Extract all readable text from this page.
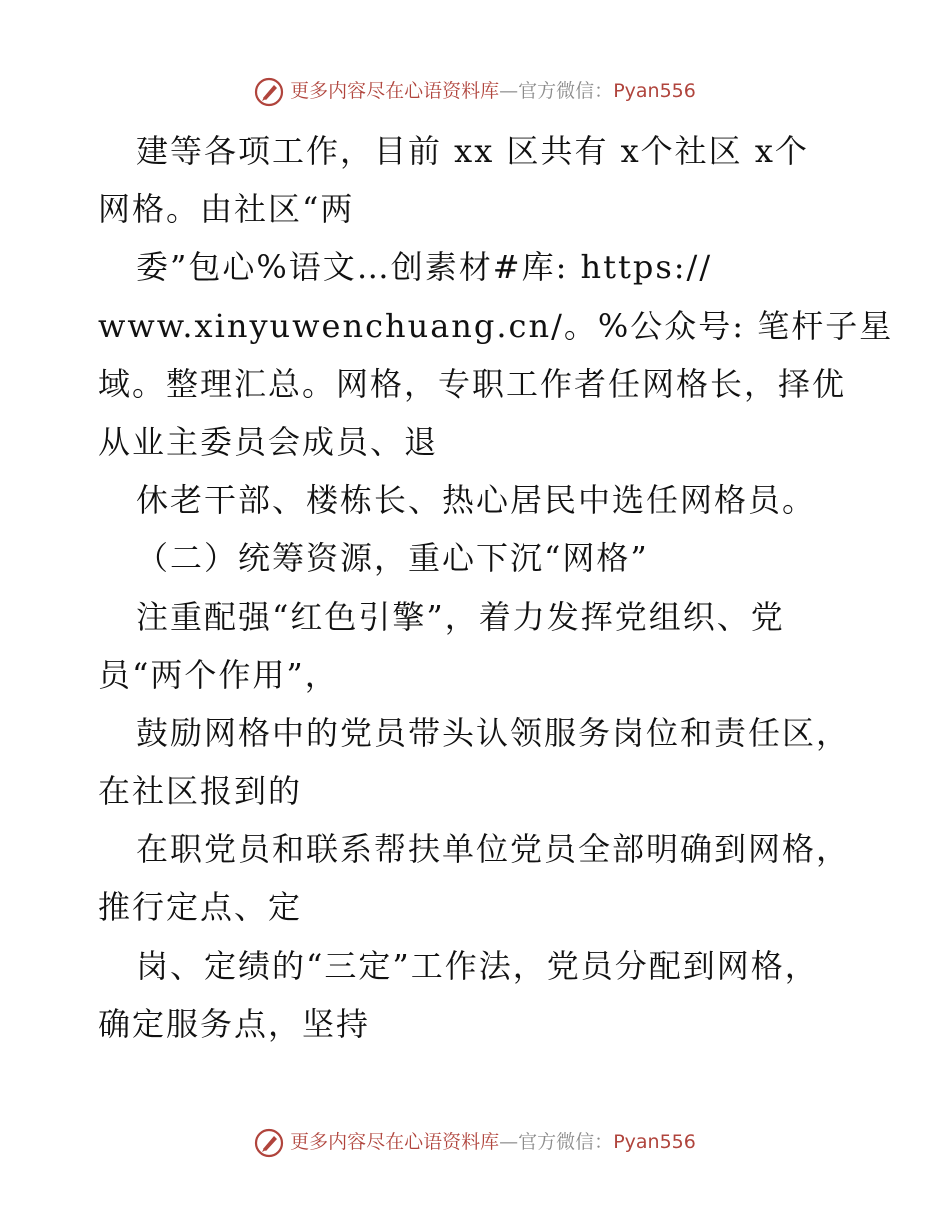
更多内容尽在心语资料库—官方微信：Pyan556
建等各项工作，目前 xx 区共有 x个社区 x个
网格。由社区“两
委”包心%语文…创素材#库: https://
www.xinyuwenchuang.cn/。%公众号: 笔杆子星
域。整理汇总。网格，专职工作者任网格长，择优
从业主委员会成员、退
休老干部、楼栋长、热心居民中选任网格员。
（二）统筹资源，重心下沉“网格”
注重配强“红色引擎”，着力发挥党组织、党
员“两个作用”，
鼓励网格中的党员带头认领服务岗位和责任区，
在社区报到的
在职党员和联系帮扶单位党员全部明确到网格，
推行定点、定
岗、定绩的“三定”工作法，党员分配到网格，
确定服务点，坚持
更多内容尽在心语资料库—官方微信：Pyan556
